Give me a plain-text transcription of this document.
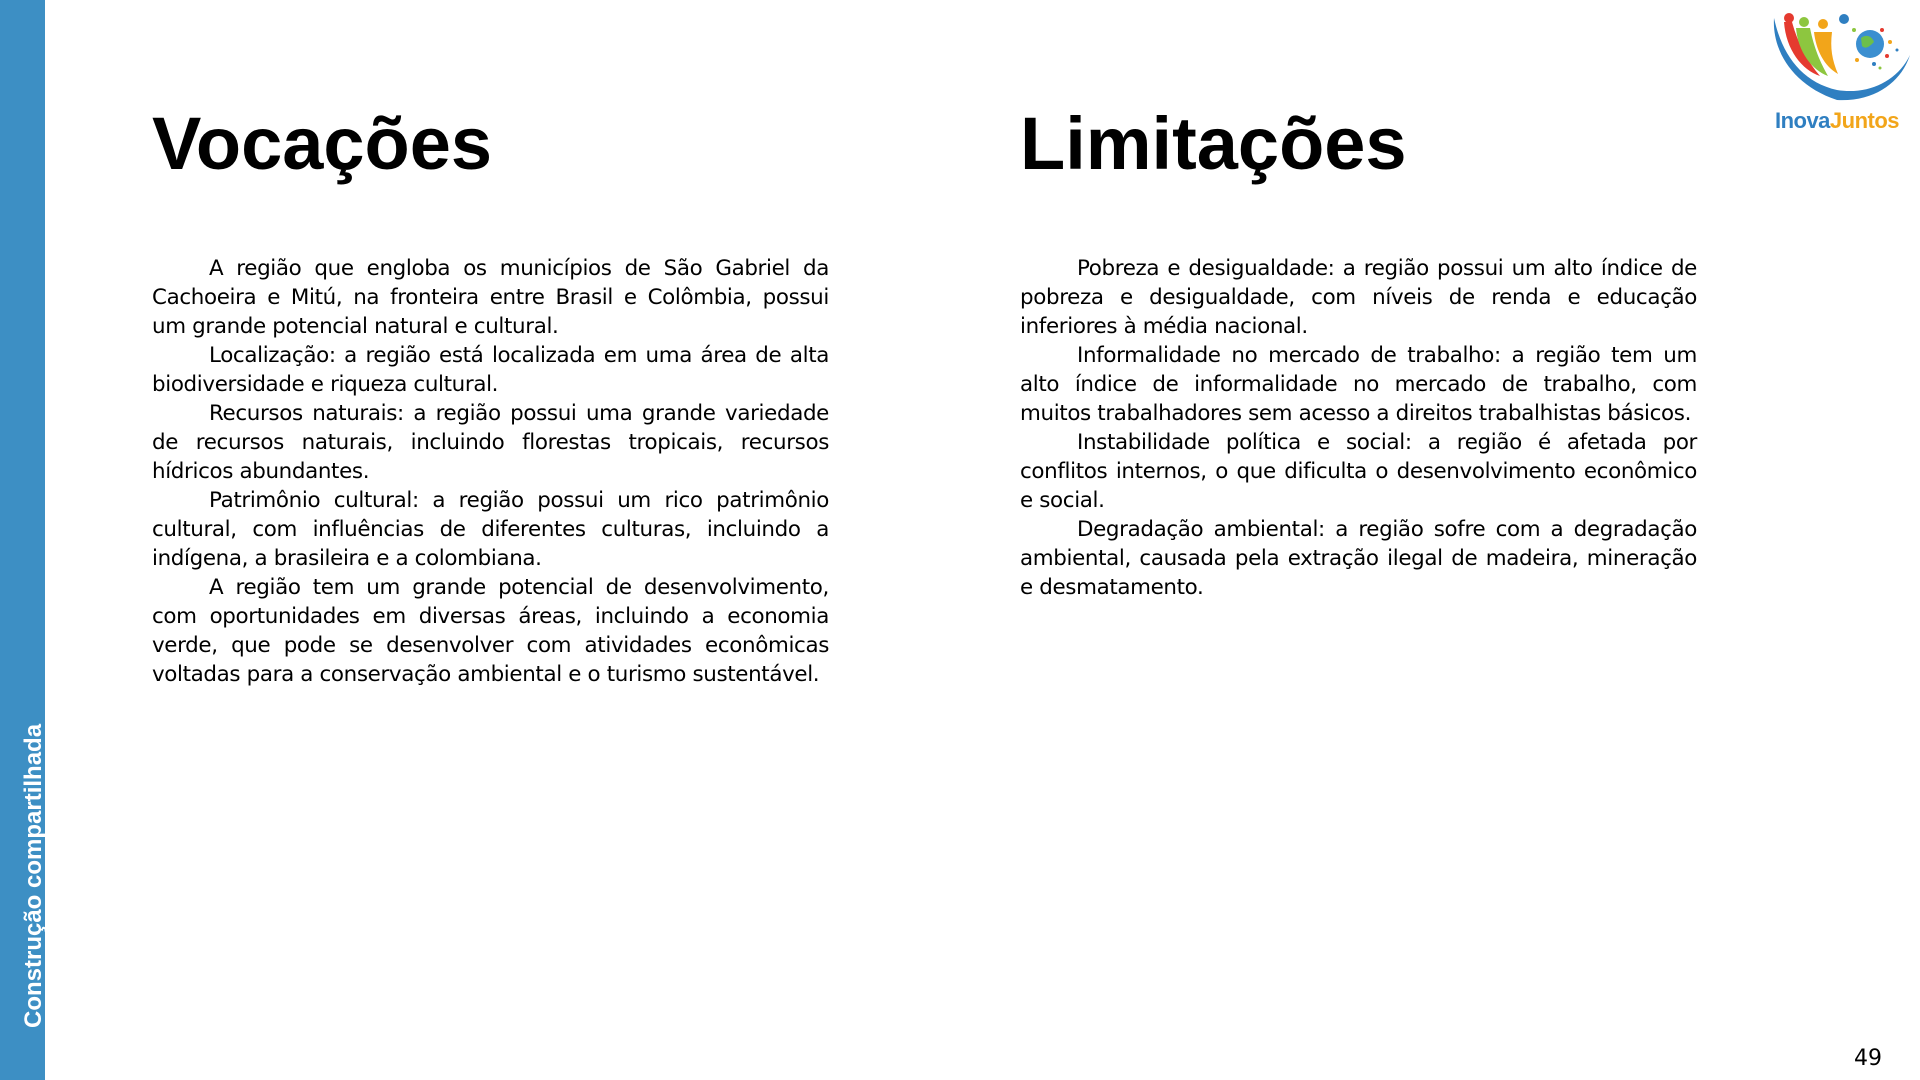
Construção compartilhada
Vocações	Limitações

A região que engloba os municípios de São Gabriel da Cachoeira e Mitú, na fronteira entre Brasil e Colômbia, possui um grande potencial natural e cultural.

Localização: a região está localizada em uma área de alta biodiversidade e riqueza cultural.

Recursos naturais: a região possui uma grande variedade de recursos naturais, incluindo florestas tropicais, recursos hídricos abundantes.

Patrimônio cultural: a região possui um rico patrimônio cultural, com influências de diferentes culturas, incluindo a indígena, a brasileira e a colombiana.

A região tem um grande potencial de desenvolvimento, com oportunidades em diversas áreas, incluindo a economia verde, que pode se desenvolver com atividades econômicas voltadas para a conservação ambiental e o turismo sustentável.

Pobreza e desigualdade: a região possui um alto índice de pobreza e desigualdade, com níveis de renda e educação inferiores à média nacional.

Informalidade no mercado de trabalho: a região tem um alto índice de informalidade no mercado de trabalho, com muitos trabalhadores sem acesso a direitos trabalhistas básicos.

Instabilidade política e social: a região é afetada por conflitos internos, o que dificulta o desenvolvimento econômico e social.

Degradação ambiental: a região sofre com a degradação ambiental, causada pela extração ilegal de madeira, mineração e desmatamento.

InovaJuntos
49
